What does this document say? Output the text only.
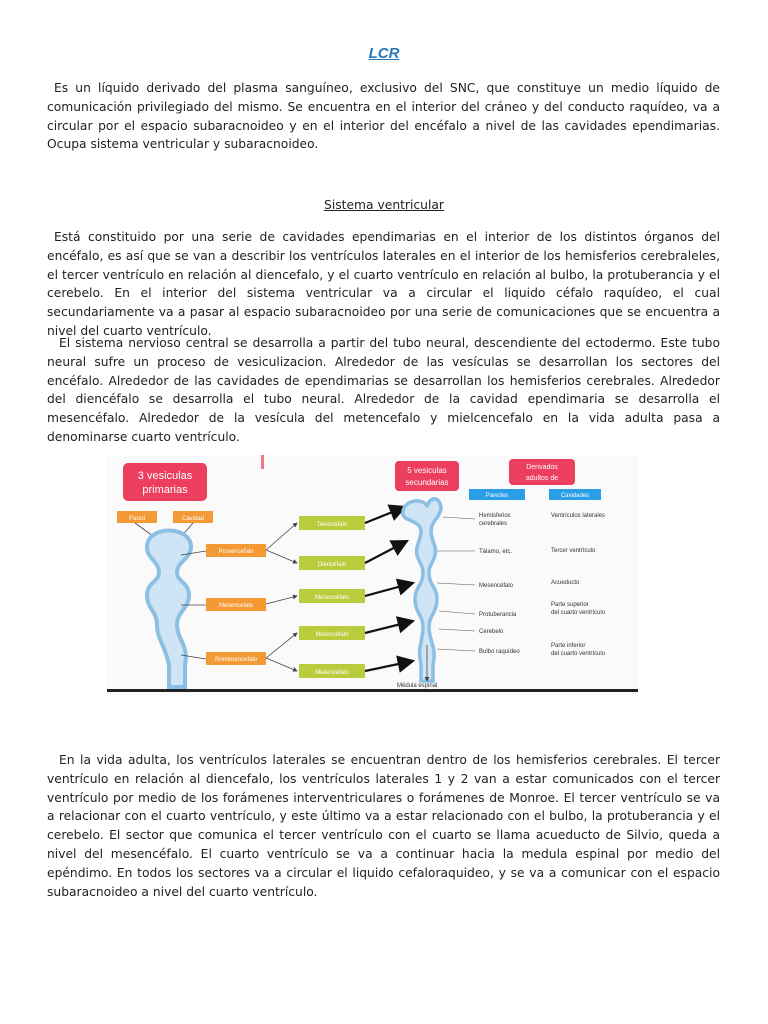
LCR

Es un líquido derivado del plasma sanguíneo, exclusivo del SNC, que constituye un medio líquido de comunicación privilegiado del mismo. Se encuentra en el interior del cráneo y del conducto raquídeo, va a circular por el espacio subaracnoideo y en el interior del encéfalo a nivel de las cavidades ependimarias. Ocupa sistema ventricular y subaracnoideo.

Sistema ventricular

Está constituido por una serie de cavidades ependimarias en el interior de los distintos órganos del encéfalo, es así que se van a describir los ventrículos laterales en el interior de los hemisferios cerebraleles, el tercer ventrículo en relación al diencefalo, y el cuarto ventrículo en relación al bulbo, la protuberancia y el cerebelo. En el interior del sistema ventricular va a circular el liquido céfalo raquídeo, el cual secundariamente va a pasar al espacio subaracnoideo por una serie de comunicaciones que se encuentra a nivel del cuarto ventrículo.

El sistema nervioso central se desarrolla a partir del tubo neural, descendiente del ectodermo. Este tubo neural sufre un proceso de vesiculizacion. Alrededor de las vesículas se desarrollan los sectores del encéfalo. Alrededor de las cavidades de ependimarias se desarrollan los hemisferios cerebrales. Alrededor del diencéfalo se desarrolla el tubo neural. Alrededor de la cavidad ependimaria se desarrolla el mesencéfalo. Alrededor de la vesícula del metencefalo y mielcencefalo en la vida adulta pasa a denominarse cuarto ventrículo.

3 vesiculas
primarias
Pared	Cavidad
Prosencefalo
Mesencefalo
Romboencefalo
Telencéfalo
Diencéfalo
Mesencéfalo
Metencéfalo
Mielencéfalo
5 vesiculas
secundarias
Médula espinal
Derivados
adultos de
Paredes	Cavidades
Hemisferios
cerebrales
Tálamo, etc.
Mesencéfalo
Protuberancia
Cerebelo
Bulbo raquídeo
Ventrículos laterales
Tercer ventrículo
Acueducto
Parte superior
del cuarto ventrículo
Parte inferior
del cuarto ventrículo

En la vida adulta, los ventrículos laterales se encuentran dentro de los hemisferios cerebrales. El tercer ventrículo en relación al diencefalo, los ventrículos laterales 1 y 2 van a estar comunicados con el tercer ventrículo por medio de los forámenes interventriculares o forámenes de Monroe. El tercer ventrículo se va a relacionar con el cuarto ventrículo, y este último va a estar relacionado con el bulbo, la protuberancia y el cerebelo. El sector que comunica el tercer ventrículo con el cuarto se llama acueducto de Silvio, queda a nivel del mesencéfalo. El cuarto ventrículo se va a continuar hacia la medula espinal por medio del epéndimo. En todos los sectores va a circular el liquido cefaloraquideo, y se va a comunicar con el espacio subaracnoideo a nivel del cuarto ventrículo.
